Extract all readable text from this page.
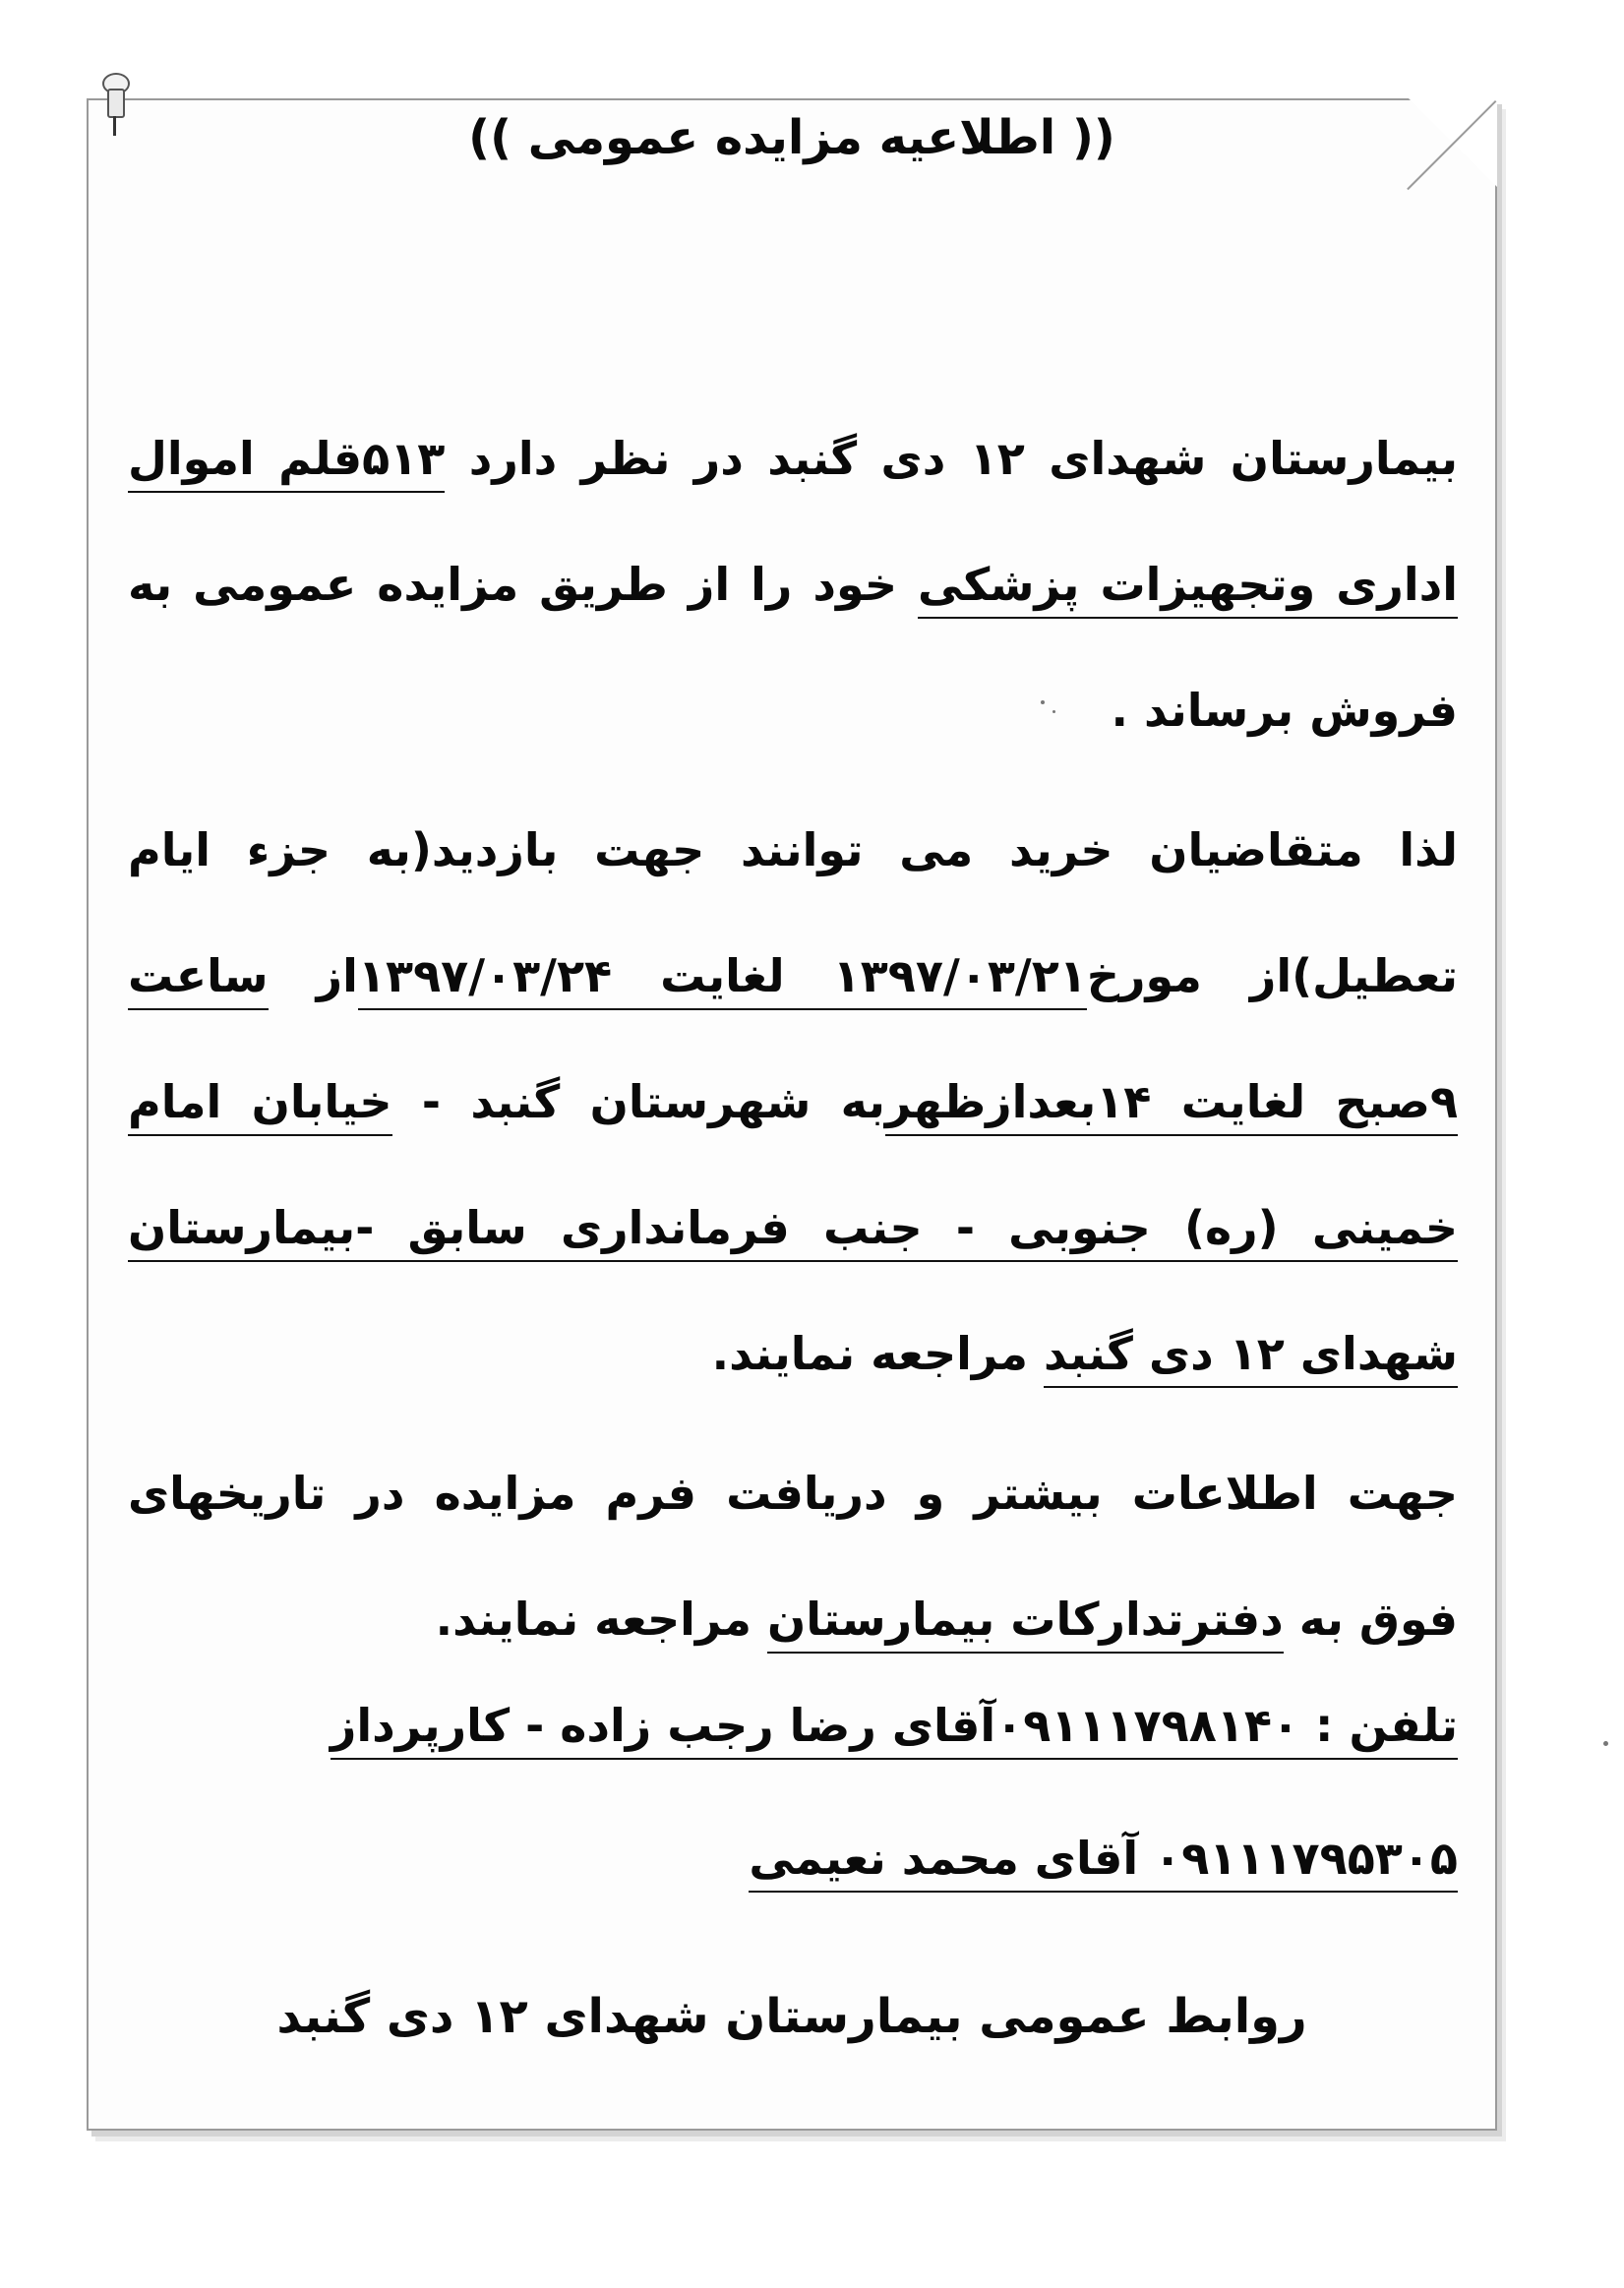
(( اطلاعیه مزایده عمومی ))

بیمارستان شهدای ۱۲ دی گنبد در نظر دارد ۵۱۳قلم اموال اداری وتجهیزات پزشکی خود را از طریق مزایده عمومی به فروش برساند .

لذا متقاضیان خرید می توانند جهت بازدید(به جزء ایام تعطیل)از مورخ۱۳۹۷/۰۳/۲۱ لغایت ۱۳۹۷/۰۳/۲۴از ساعت ۹صبح لغایت ۱۴بعدازظهربه شهرستان گنبد - خیابان امام خمینی (ره) جنوبی - جنب فرمانداری سابق -بیمارستان شهدای ۱۲ دی گنبد مراجعه نمایند.

جهت اطلاعات بیشتر و دریافت فرم مزایده در تاریخهای فوق به دفترتدارکات بیمارستان مراجعه نمایند.

تلفن : ۰۹۱۱۱۷۹۸۱۴۰آقای رضا رجب زاده - کارپرداز
۰۹۱۱۱۷۹۵۳۰۵ آقای محمد نعیمی
روابط عمومی بیمارستان شهدای ۱۲ دی گنبد
